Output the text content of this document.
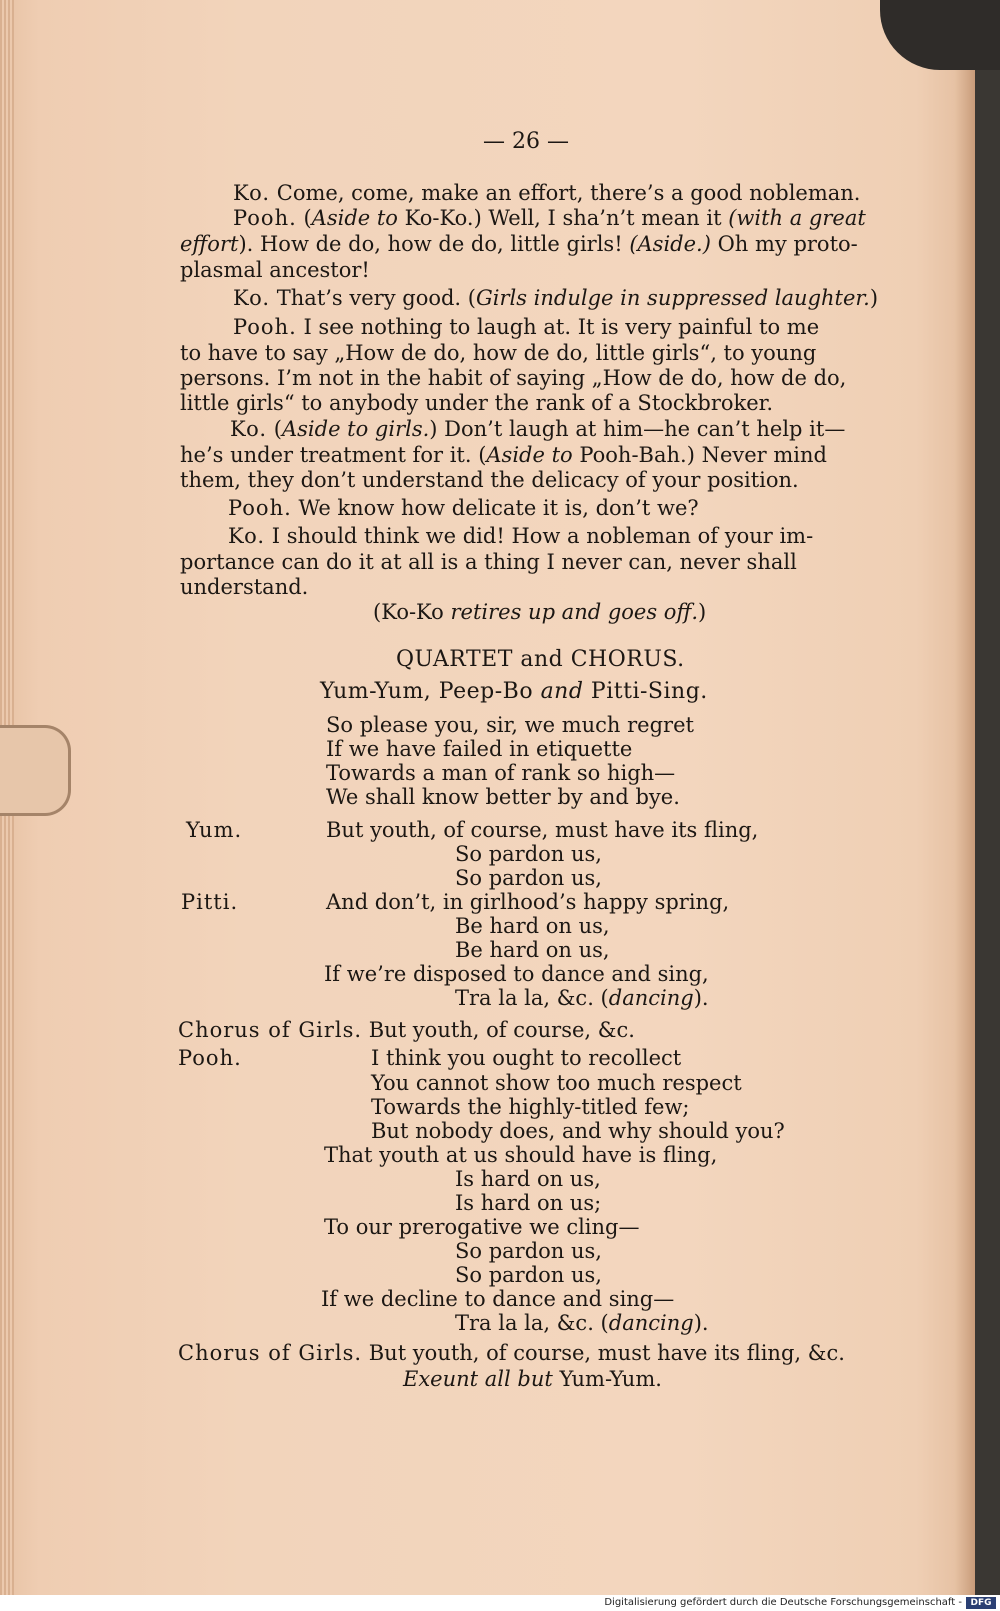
— 26 —
Ko. Come, come, make an effort, there’s a good nobleman.
Pooh. (Aside to Ko-Ko.) Well, I sha’n’t mean it (with a great
effort). How de do, how de do, little girls! (Aside.) Oh my proto-
plasmal ancestor!
Ko. That’s very good. (Girls indulge in suppressed laughter.)
Pooh. I see nothing to laugh at. It is very painful to me
to have to say „How de do, how de do, little girls“, to young
persons. I’m not in the habit of saying „How de do, how de do,
little girls“ to anybody under the rank of a Stockbroker.
Ko. (Aside to girls.) Don’t laugh at him—he can’t help it—
he’s under treatment for it. (Aside to Pooh-Bah.) Never mind
them, they don’t understand the delicacy of your position.
Pooh. We know how delicate it is, don’t we?
Ko. I should think we did! How a nobleman of your im-
portance can do it at all is a thing I never can, never shall
understand.
(Ko-Ko retires up and goes off.)
QUARTET and CHORUS.
Yum-Yum, Peep-Bo and Pitti-Sing.
So please you, sir, we much regret
If we have failed in etiquette
Towards a man of rank so high—
We shall know better by and bye.
Yum.	But youth, of course, must have its fling,
So pardon us,
So pardon us,
Pitti.	And don’t, in girlhood’s happy spring,
Be hard on us,
Be hard on us,
If we’re disposed to dance and sing,
Tra la la, &c. (dancing).
Chorus of Girls. But youth, of course, &c.
Pooh.	I think you ought to recollect
You cannot show too much respect
Towards the highly-titled few;
But nobody does, and why should you?
That youth at us should have is fling,
Is hard on us,
Is hard on us;
To our prerogative we cling—
So pardon us,
So pardon us,
If we decline to dance and sing—
Tra la la, &c. (dancing).
Chorus of Girls. But youth, of course, must have its fling, &c.
Exeunt all but Yum-Yum.
Digitalisierung gefördert durch die Deutsche Forschungsgemeinschaft - DFG
